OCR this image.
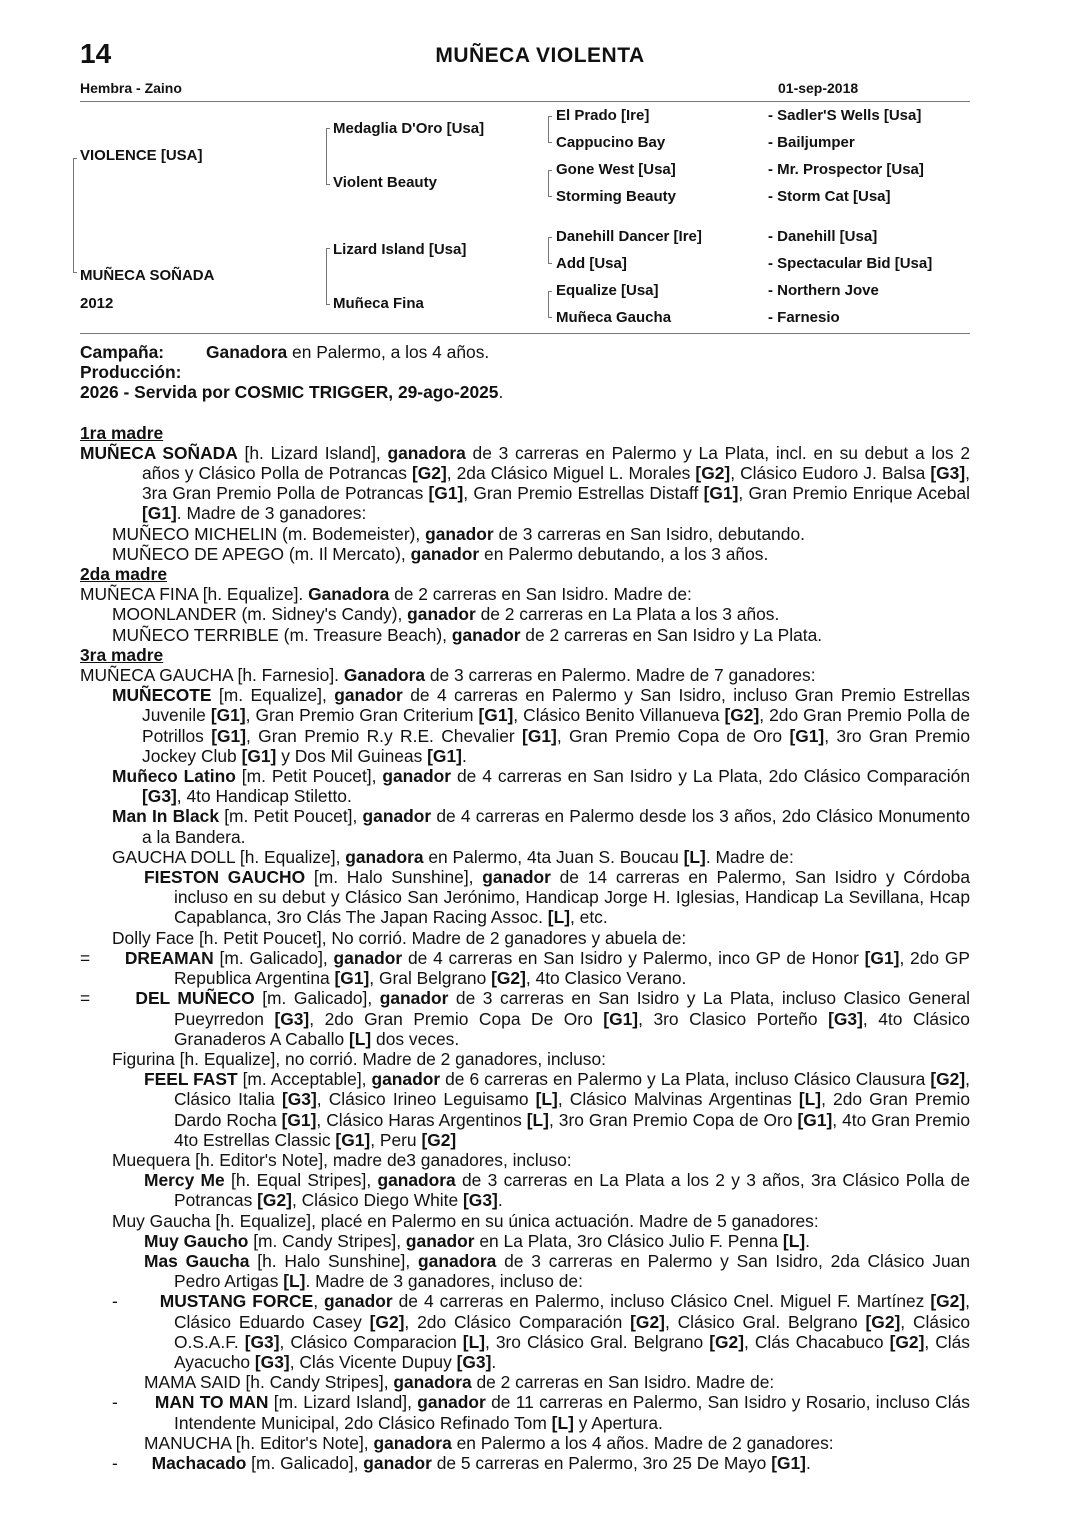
14	MUÑECA VIOLENTA
Hembra - Zaino	01-sep-2018
VIOLENCE [USA]
MUÑECA SOÑADA
2012
Medaglia D'Oro [Usa]
Violent Beauty
Lizard Island [Usa]
Muñeca Fina
El Prado [Ire]
Cappucino Bay
Gone West [Usa]
Storming Beauty
Danehill Dancer [Ire]
Add [Usa]
Equalize [Usa]
Muñeca Gaucha
- Sadler'S Wells [Usa]
- Bailjumper
- Mr. Prospector [Usa]
- Storm Cat [Usa]
- Danehill [Usa]
- Spectacular Bid [Usa]
- Northern Jove
- Farnesio

Campaña: Ganadora en Palermo, a los 4 años.

Producción:

2026 - Servida por COSMIC TRIGGER, 29-ago-2025.

1ra madre

MUÑECA SOÑADA [h. Lizard Island], ganadora de 3 carreras en Palermo y La Plata, incl. en su debut a los 2 años y Clásico Polla de Potrancas [G2], 2da Clásico Miguel L. Morales [G2], Clásico Eudoro J. Balsa [G3], 3ra Gran Premio Polla de Potrancas [G1], Gran Premio Estrellas Distaff [G1], Gran Premio Enrique Acebal [G1]. Madre de 3 ganadores:

MUÑECO MICHELIN (m. Bodemeister), ganador de 3 carreras en San Isidro, debutando.

MUÑECO DE APEGO (m. Il Mercato), ganador en Palermo debutando, a los 3 años.

2da madre

MUÑECA FINA [h. Equalize]. Ganadora de 2 carreras en San Isidro. Madre de:

MOONLANDER (m. Sidney's Candy), ganador de 2 carreras en La Plata a los 3 años.

MUÑECO TERRIBLE (m. Treasure Beach), ganador de 2 carreras en San Isidro y La Plata.

3ra madre

MUÑECA GAUCHA [h. Farnesio]. Ganadora de 3 carreras en Palermo. Madre de 7 ganadores:

MUÑECOTE [m. Equalize], ganador de 4 carreras en Palermo y San Isidro, incluso Gran Premio Estrellas Juvenile [G1], Gran Premio Gran Criterium [G1], Clásico Benito Villanueva [G2], 2do Gran Premio Polla de Potrillos [G1], Gran Premio R.y R.E. Chevalier [G1], Gran Premio Copa de Oro [G1], 3ro Gran Premio Jockey Club [G1] y Dos Mil Guineas [G1].

Muñeco Latino [m. Petit Poucet], ganador de 4 carreras en San Isidro y La Plata, 2do Clásico Comparación [G3], 4to Handicap Stiletto.

Man In Black [m. Petit Poucet], ganador de 4 carreras en Palermo desde los 3 años, 2do Clásico Monumento a la Bandera.

GAUCHA DOLL [h. Equalize], ganadora en Palermo, 4ta Juan S. Boucau [L]. Madre de:

FIESTON GAUCHO [m. Halo Sunshine], ganador de 14 carreras en Palermo, San Isidro y Córdoba incluso en su debut y Clásico San Jerónimo, Handicap Jorge H. Iglesias, Handicap La Sevillana, Hcap Capablanca, 3ro Clás The Japan Racing Assoc. [L], etc.

Dolly Face [h. Petit Poucet], No corrió. Madre de 2 ganadores y abuela de:

=      DREAMAN [m. Galicado], ganador de 4 carreras en San Isidro y Palermo, inco GP de Honor [G1], 2do GP Republica Argentina [G1], Gral Belgrano [G2], 4to Clasico Verano.

=      DEL MUÑECO [m. Galicado], ganador de 3 carreras en San Isidro y La Plata, incluso Clasico General Pueyrredon [G3], 2do Gran Premio Copa De Oro [G1], 3ro Clasico Porteño [G3], 4to Clásico Granaderos A Caballo [L] dos veces.

Figurina [h. Equalize], no corrió. Madre de 2 ganadores, incluso:

FEEL FAST [m. Acceptable], ganador de 6 carreras en Palermo y La Plata, incluso Clásico Clausura [G2], Clásico Italia [G3], Clásico Irineo Leguisamo [L], Clásico Malvinas Argentinas [L], 2do Gran Premio Dardo Rocha [G1], Clásico Haras Argentinos [L], 3ro Gran Premio Copa de Oro [G1], 4to Gran Premio 4to Estrellas Classic [G1], Peru [G2]

Muequera [h. Editor's Note], madre de3 ganadores, incluso:

Mercy Me [h. Equal Stripes], ganadora de 3 carreras en La Plata a los 2 y 3 años, 3ra Clásico Polla de Potrancas [G2], Clásico Diego White [G3].

Muy Gaucha [h. Equalize], placé en Palermo en su única actuación. Madre de 5 ganadores:

Muy Gaucho [m. Candy Stripes], ganador en La Plata, 3ro Clásico Julio F. Penna [L].

Mas Gaucha [h. Halo Sunshine], ganadora de 3 carreras en Palermo y San Isidro, 2da Clásico Juan Pedro Artigas [L]. Madre de 3 ganadores, incluso de:

-       MUSTANG FORCE, ganador de 4 carreras en Palermo, incluso Clásico Cnel. Miguel F. Martínez [G2], Clásico Eduardo Casey [G2], 2do Clásico Comparación [G2], Clásico Gral. Belgrano [G2], Clásico O.S.A.F. [G3], Clásico Comparacion [L], 3ro Clásico Gral. Belgrano [G2], Clás Chacabuco [G2], Clás Ayacucho [G3], Clás Vicente Dupuy [G3].

MAMA SAID [h. Candy Stripes], ganadora de 2 carreras en San Isidro. Madre de:

-       MAN TO MAN [m. Lizard Island], ganador de 11 carreras en Palermo, San Isidro y Rosario, incluso Clás Intendente Municipal, 2do Clásico Refinado Tom [L] y Apertura.

MANUCHA [h. Editor's Note], ganadora en Palermo a los 4 años. Madre de 2 ganadores:

-       Machacado [m. Galicado], ganador de 5 carreras en Palermo, 3ro 25 De Mayo [G1].
